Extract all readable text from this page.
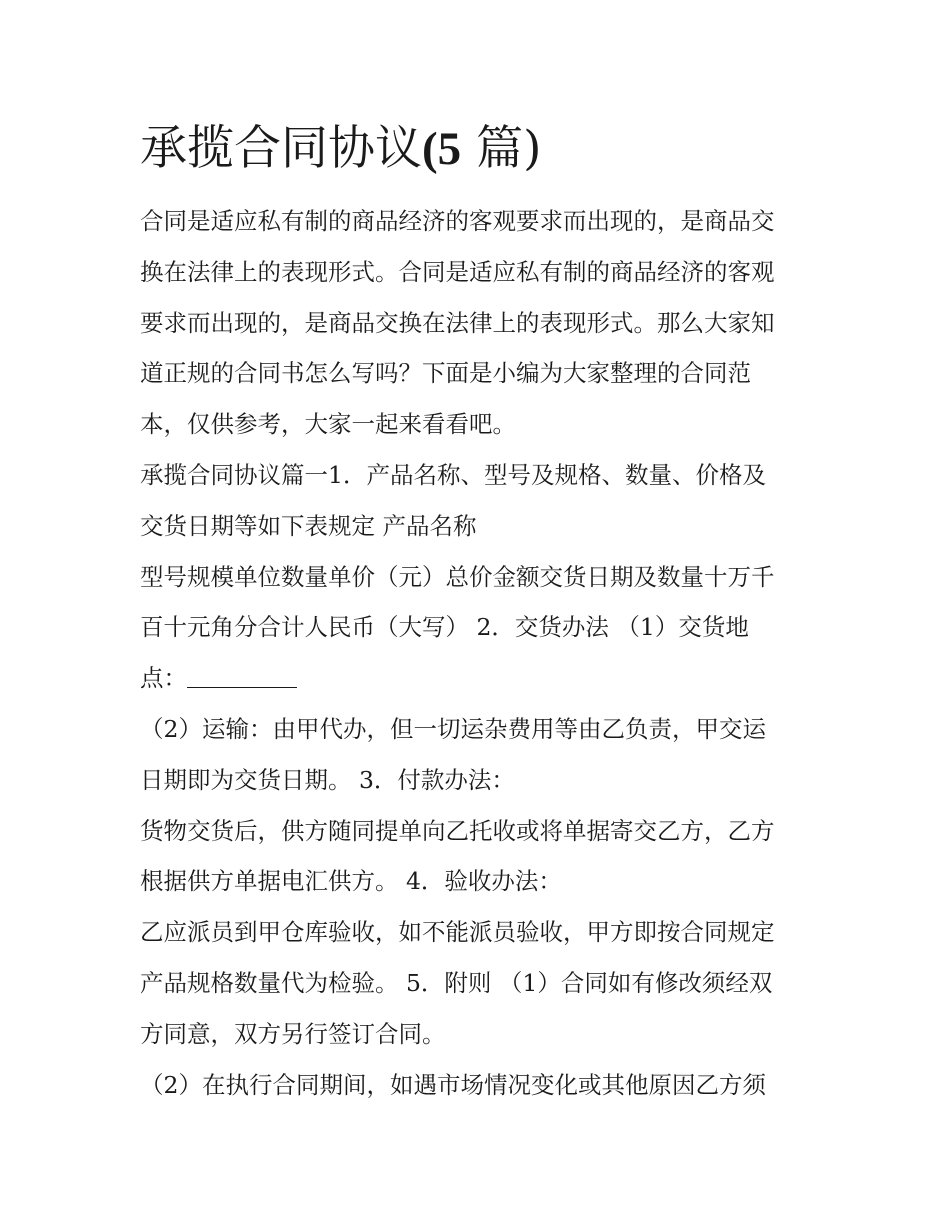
承揽合同协议(5 篇)
合同是适应私有制的商品经济的客观要求而出现的，是商品交
换在法律上的表现形式。合同是适应私有制的商品经济的客观
要求而出现的，是商品交换在法律上的表现形式。那么大家知
道正规的合同书怎么写吗？下面是小编为大家整理的合同范
本，仅供参考，大家一起来看看吧。
承揽合同协议篇一1．产品名称、型号及规格、数量、价格及
交货日期等如下表规定 产品名称
型号规模单位数量单价（元）总价金额交货日期及数量十万千
百十元角分合计人民币（大写） 2．交货办法 （1）交货地
点：
（2）运输：由甲代办，但一切运杂费用等由乙负责，甲交运
日期即为交货日期。 3．付款办法：
货物交货后，供方随同提单向乙托收或将单据寄交乙方，乙方
根据供方单据电汇供方。 4．验收办法：
乙应派员到甲仓库验收，如不能派员验收，甲方即按合同规定
产品规格数量代为检验。 5．附则 （1）合同如有修改须经双
方同意，双方另行签订合同。
（2）在执行合同期间，如遇市场情况变化或其他原因乙方须
